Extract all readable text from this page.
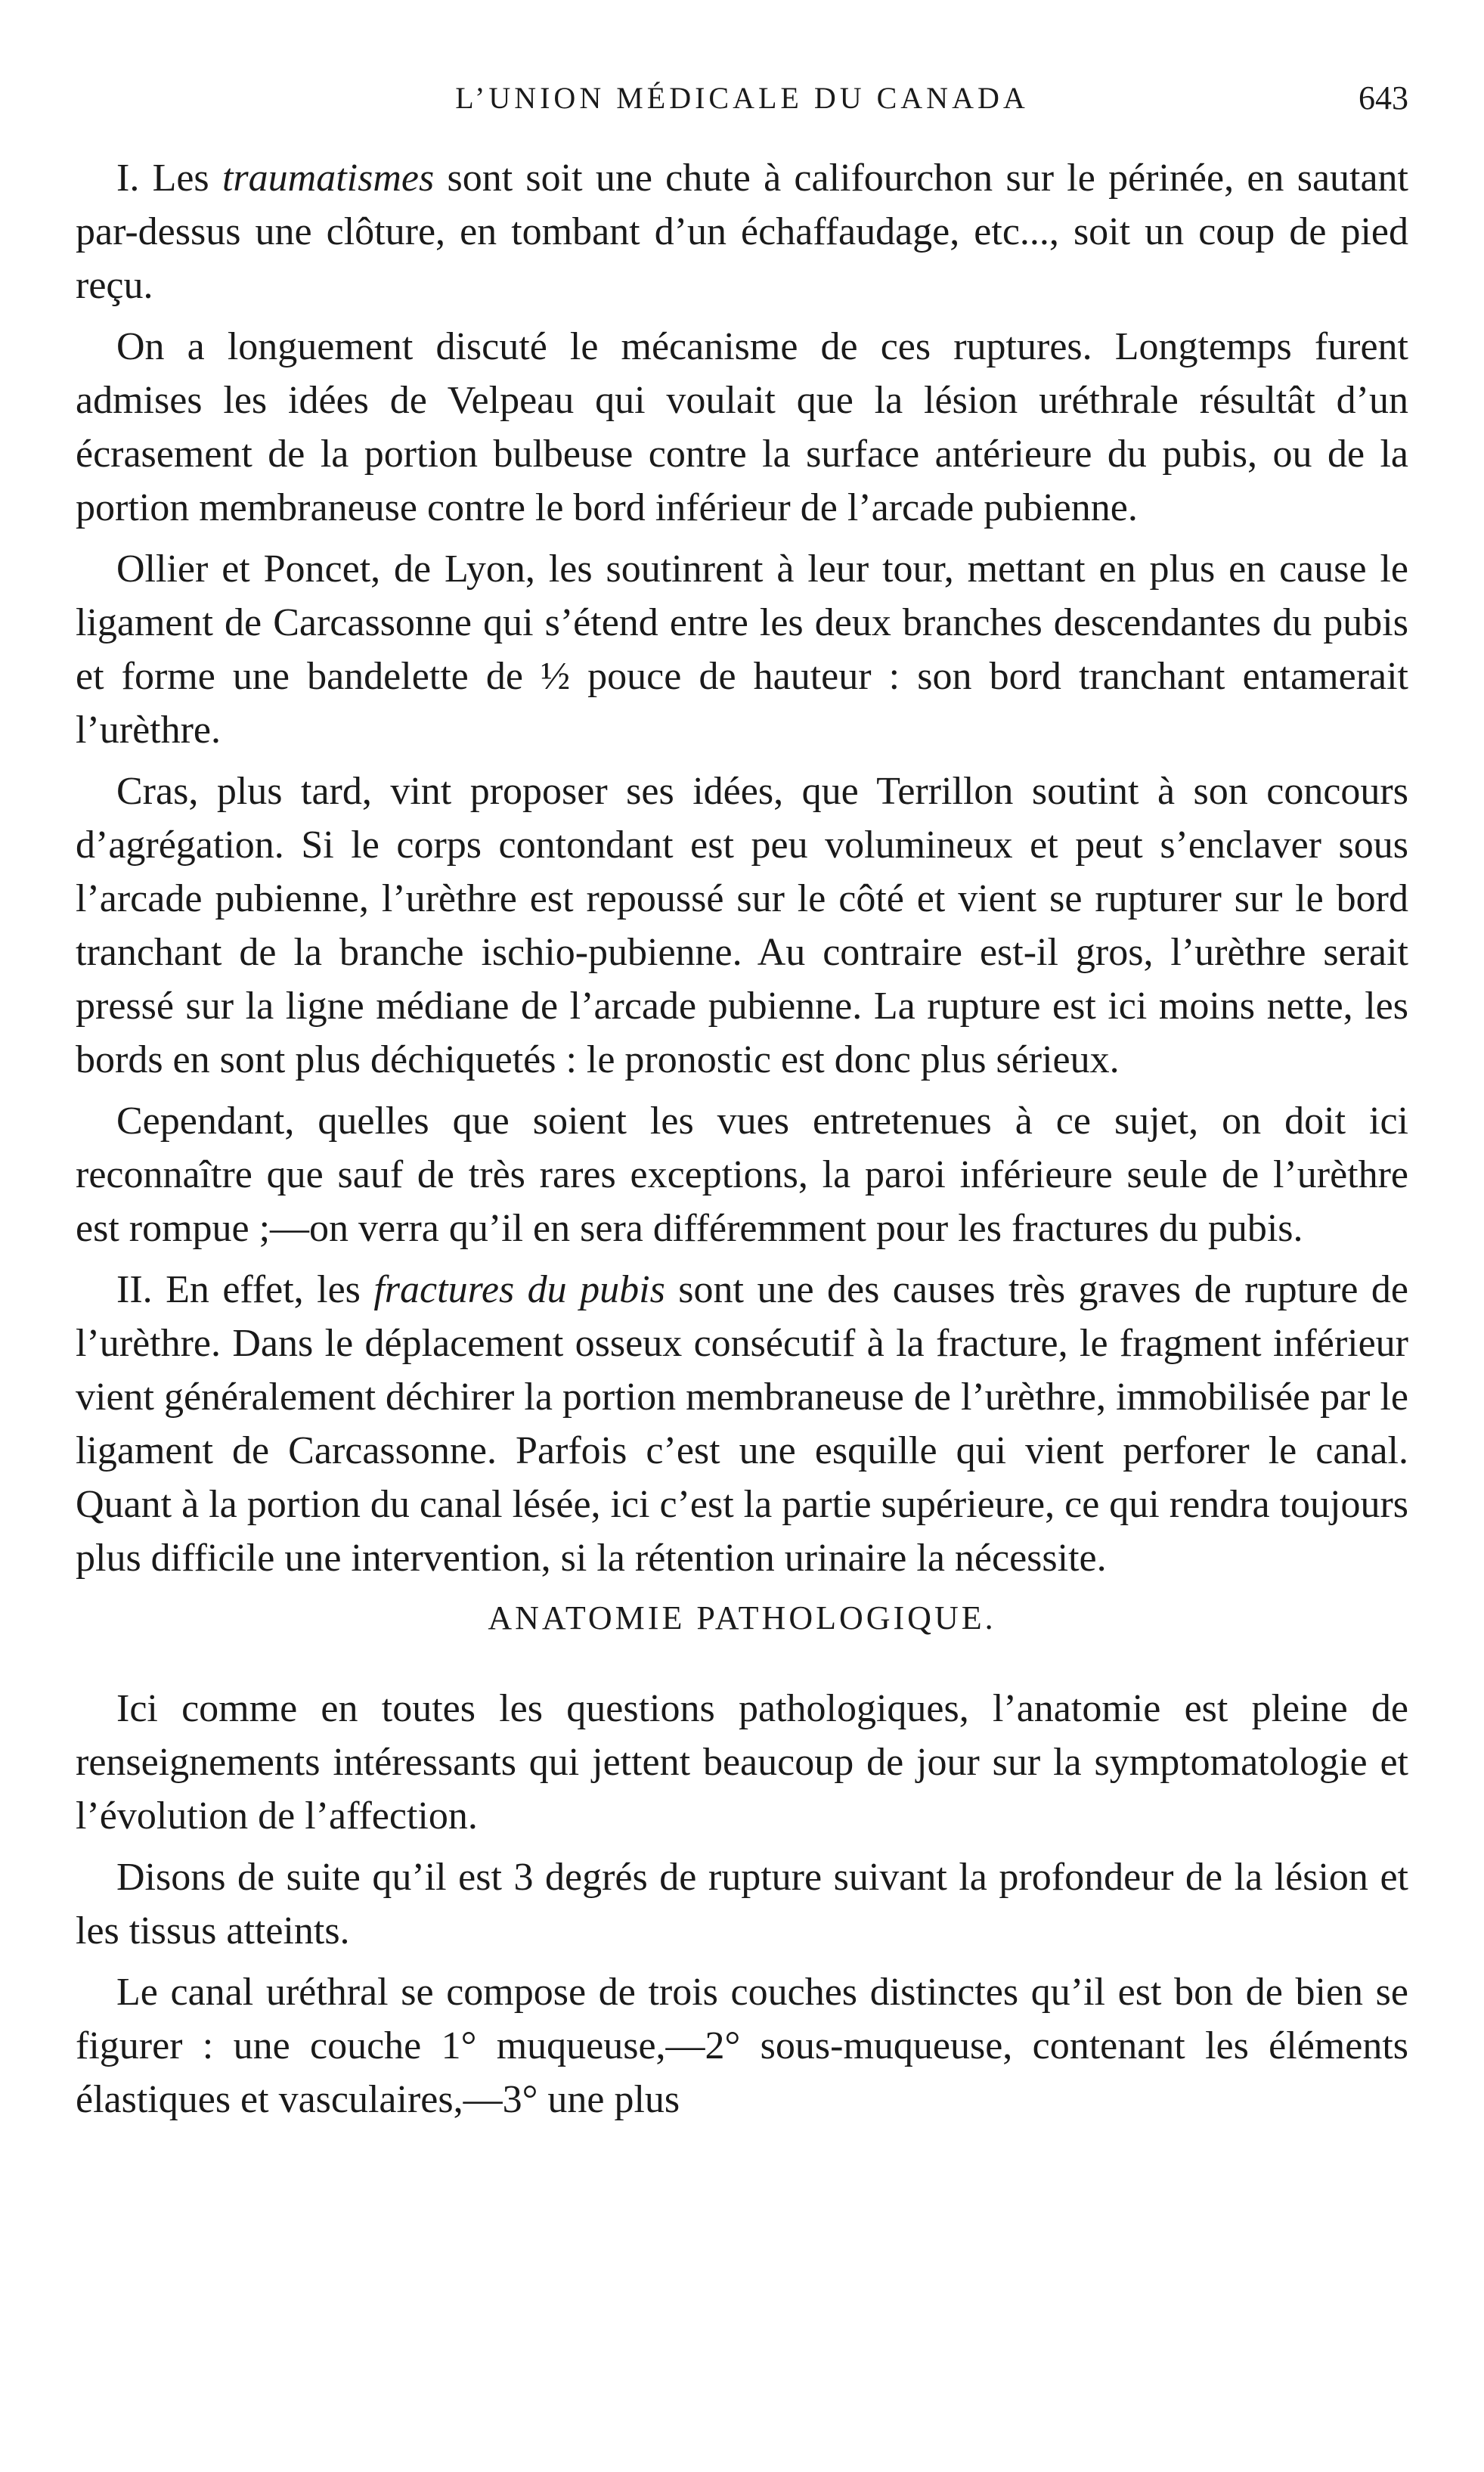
L’UNION MÉDICALE DU CANADA	643

I. Les traumatismes sont soit une chute à califourchon sur le périnée, en sautant par-dessus une clôture, en tombant d’un échaffaudage, etc..., soit un coup de pied reçu.

On a longuement discuté le mécanisme de ces ruptures. Longtemps furent admises les idées de Velpeau qui voulait que la lésion uréthrale résultât d’un écrasement de la portion bulbeuse contre la surface antérieure du pubis, ou de la portion membraneuse contre le bord inférieur de l’arcade pubienne.

Ollier et Poncet, de Lyon, les soutinrent à leur tour, mettant en plus en cause le ligament de Carcassonne qui s’étend entre les deux branches descendantes du pubis et forme une bandelette de ½ pouce de hauteur : son bord tranchant entamerait l’urèthre.

Cras, plus tard, vint proposer ses idées, que Terrillon soutint à son concours d’agrégation. Si le corps contondant est peu volumineux et peut s’enclaver sous l’arcade pubienne, l’urèthre est repoussé sur le côté et vient se rupturer sur le bord tranchant de la branche ischio-pubienne. Au contraire est-il gros, l’urèthre serait pressé sur la ligne médiane de l’arcade pubienne. La rupture est ici moins nette, les bords en sont plus déchiquetés : le pronostic est donc plus sérieux.

Cependant, quelles que soient les vues entretenues à ce sujet, on doit ici reconnaître que sauf de très rares exceptions, la paroi inférieure seule de l’urèthre est rompue ;—on verra qu’il en sera différemment pour les fractures du pubis.

II. En effet, les fractures du pubis sont une des causes très graves de rupture de l’urèthre. Dans le déplacement osseux consécutif à la fracture, le fragment inférieur vient généralement déchirer la portion membraneuse de l’urèthre, immobilisée par le ligament de Carcassonne. Parfois c’est une esquille qui vient perforer le canal. Quant à la portion du canal lésée, ici c’est la partie supérieure, ce qui rendra toujours plus difficile une intervention, si la rétention urinaire la nécessite.

ANATOMIE PATHOLOGIQUE.

Ici comme en toutes les questions pathologiques, l’anatomie est pleine de renseignements intéressants qui jettent beaucoup de jour sur la symptomatologie et l’évolution de l’affection.

Disons de suite qu’il est 3 degrés de rupture suivant la profondeur de la lésion et les tissus atteints.

Le canal uréthral se compose de trois couches distinctes qu’il est bon de bien se figurer : une couche 1° muqueuse,—2° sous-muqueuse, contenant les éléments élastiques et vasculaires,—3° une plus
